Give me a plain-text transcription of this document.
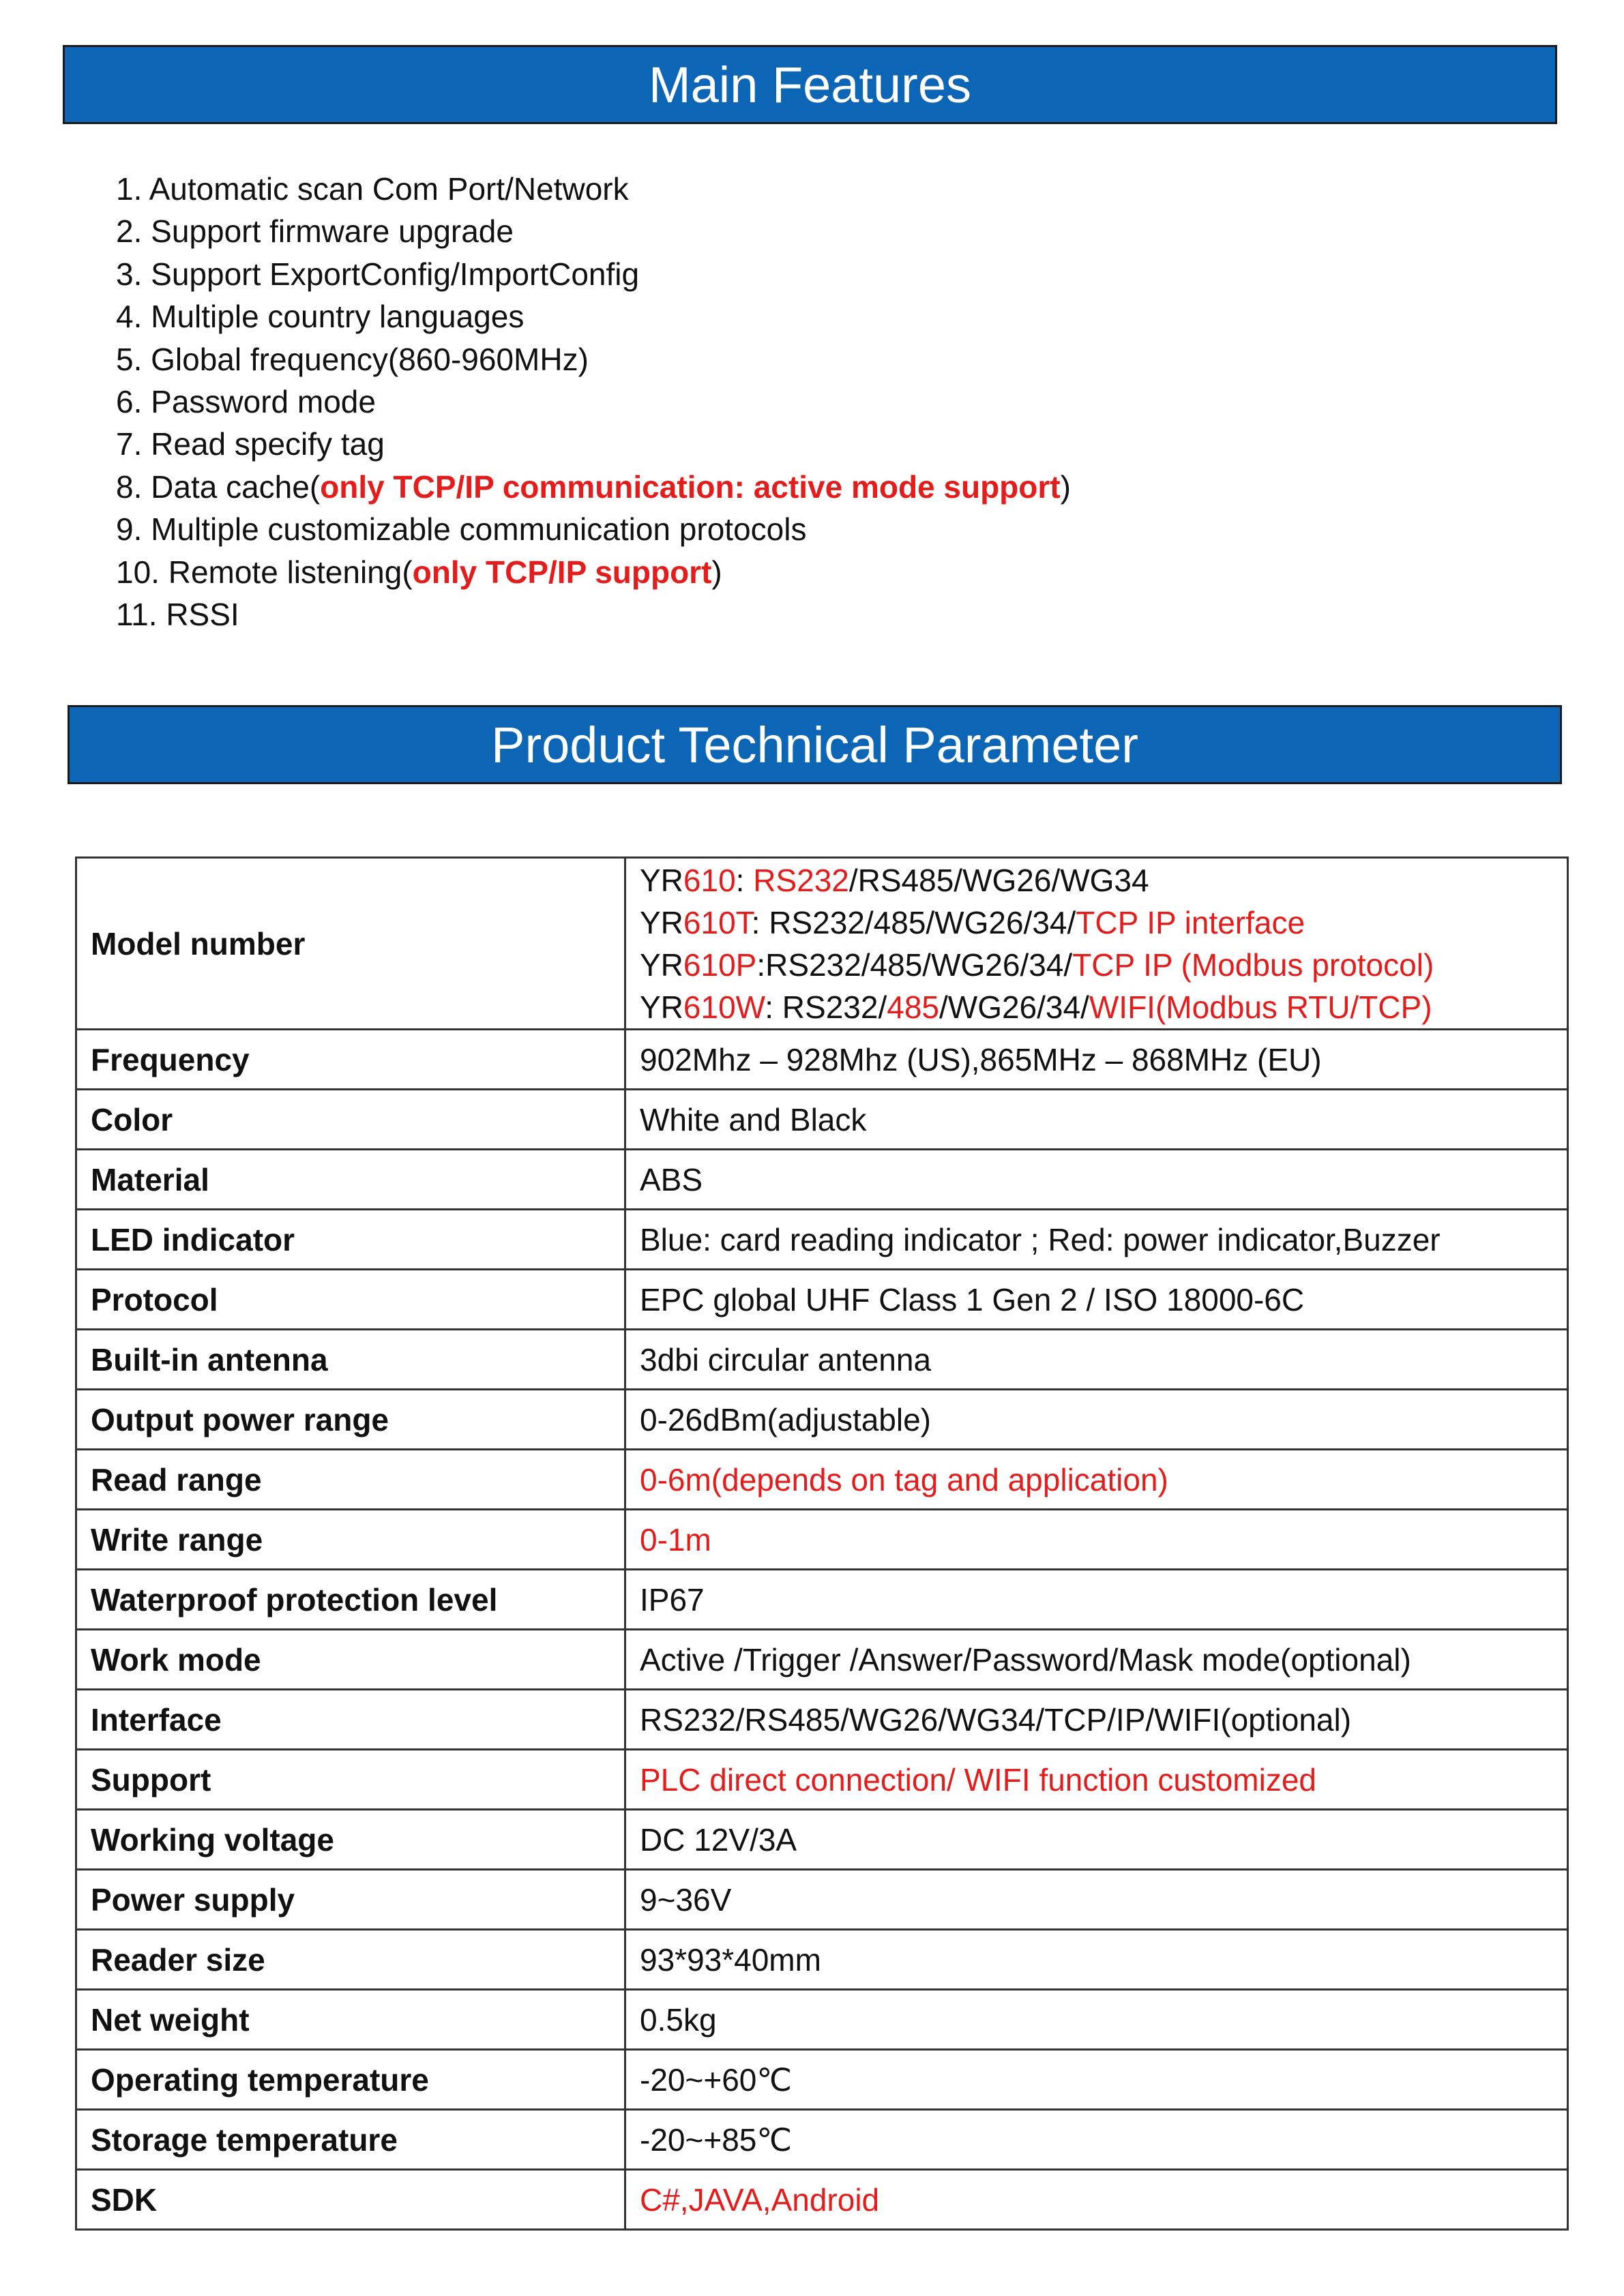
Main Features
1. Automatic scan Com Port/Network
2. Support firmware upgrade
3. Support ExportConfig/ImportConfig
4. Multiple country languages
5. Global frequency(860-960MHz)
6. Password mode
7. Read specify tag
8. Data cache(only TCP/IP communication: active mode support)
9. Multiple customizable communication protocols
10. Remote listening(only TCP/IP support)
11. RSSI
Product Technical Parameter
Model number	YR610: RS232/RS485/WG26/WG34
YR610T: RS232/485/WG26/34/TCP IP interface
YR610P:RS232/485/WG26/34/TCP IP (Modbus protocol)
YR610W: RS232/485/WG26/34/WIFI(Modbus RTU/TCP)

Frequency	902Mhz – 928Mhz (US),865MHz – 868MHz (EU)
Color	White and Black
Material	ABS
LED indicator	Blue: card reading indicator ; Red: power indicator,Buzzer
Protocol	EPC global UHF Class 1 Gen 2 / ISO 18000-6C
Built-in antenna	3dbi circular antenna
Output power range	0-26dBm(adjustable)
Read range	0-6m(depends on tag and application)
Write range	0-1m
Waterproof protection level	IP67
Work mode	Active /Trigger /Answer/Password/Mask mode(optional)
Interface	RS232/RS485/WG26/WG34/TCP/IP/WIFI(optional)
Support	PLC direct connection/ WIFI function customized
Working voltage	DC 12V/3A
Power supply	9~36V
Reader size	93*93*40mm
Net weight	0.5kg
Operating temperature	-20~+60℃
Storage temperature	-20~+85℃
SDK	C#,JAVA,Android
